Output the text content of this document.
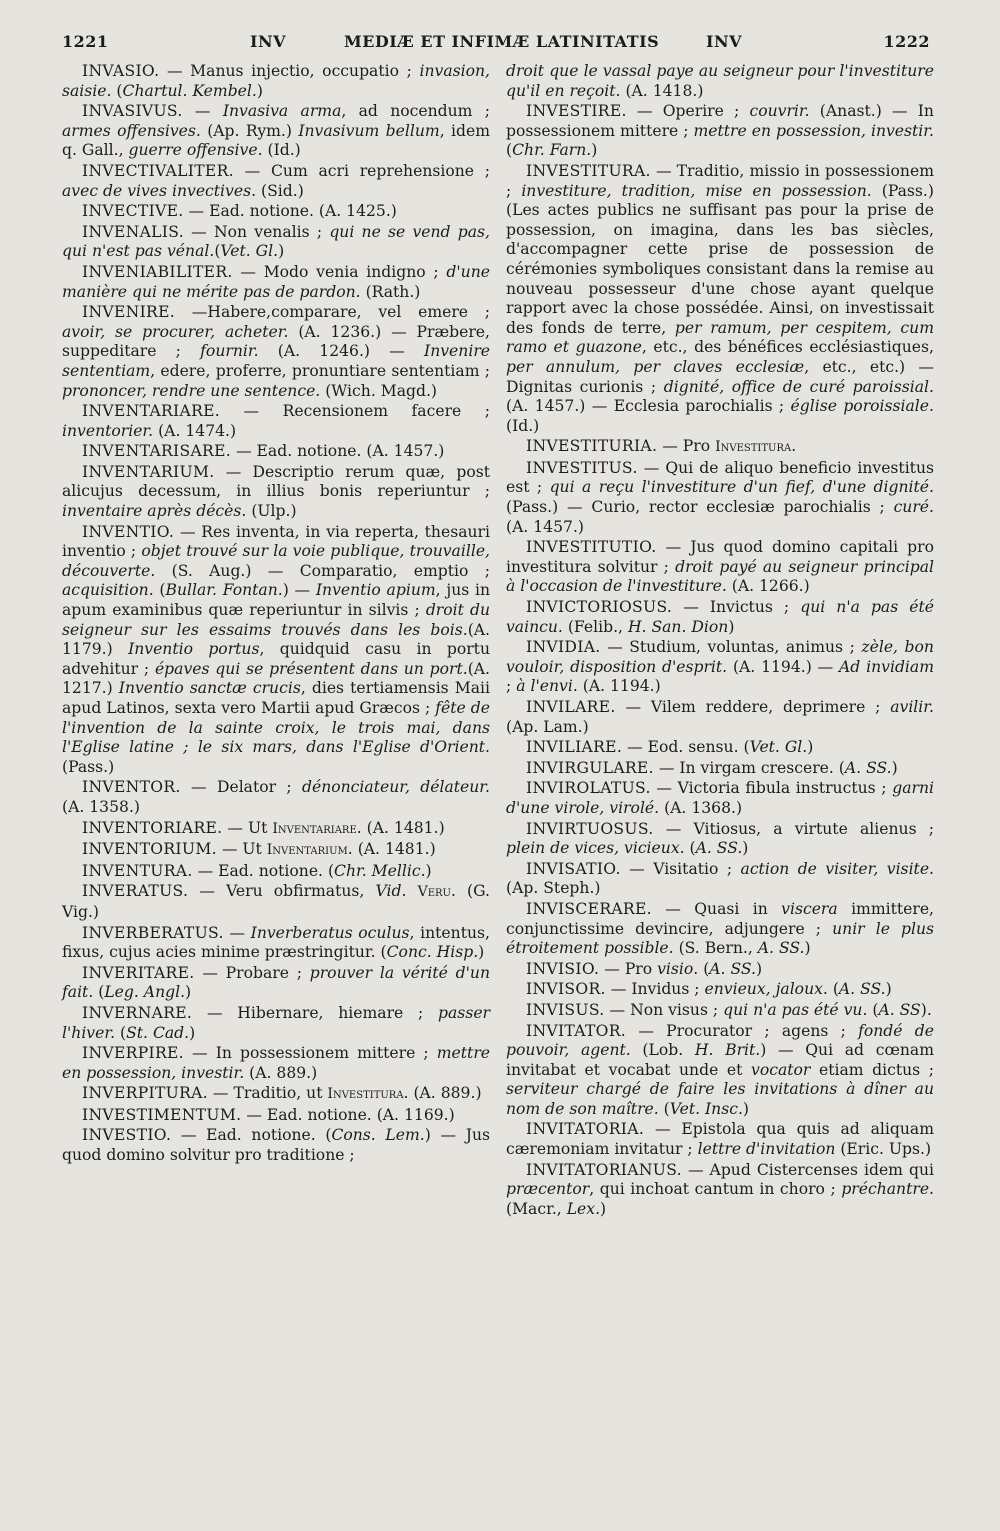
1221	INV	MEDIÆ ET INFIMÆ LATINITATIS	INV	1222

INVASIO. — Manus injectio, occupatio ; invasion, saisie. (Chartul. Kembel.)

INVASIVUS. — Invasiva arma, ad nocendum ; armes offensives. (Ap. Rym.) Invasivum bellum, idem q. Gall., guerre offensive. (Id.)

INVECTIVALITER. — Cum acri reprehensione ; avec de vives invectives. (Sid.)

INVECTIVE. — Ead. notione. (A. 1425.)

INVENALIS. — Non venalis ; qui ne se vend pas, qui n'est pas vénal.(Vet. Gl.)

INVENIABILITER. — Modo venia indigno ; d'une manière qui ne mérite pas de pardon. (Rath.)

INVENIRE. —Habere,comparare, vel emere ; avoir, se procurer, acheter. (A. 1236.) — Præbere, suppeditare ; fournir. (A. 1246.) — Invenire sententiam, edere, proferre, pronuntiare sententiam ; prononcer, rendre une sentence. (Wich. Magd.)

INVENTARIARE. — Recensionem facere ; inventorier. (A. 1474.)

INVENTARISARE. — Ead. notione. (A. 1457.)

INVENTARIUM. — Descriptio rerum quæ, post alicujus decessum, in illius bonis reperiuntur ; inventaire après décès. (Ulp.)

INVENTIO. — Res inventa, in via reperta, thesauri inventio ; objet trouvé sur la voie publique, trouvaille, découverte. (S. Aug.) — Comparatio, emptio ; acquisition. (Bullar. Fontan.) — Inventio apium, jus in apum examinibus quæ reperiuntur in silvis ; droit du seigneur sur les essaims trouvés dans les bois.(A. 1179.) Inventio portus, quidquid casu in portu advehitur ; épaves qui se présentent dans un port.(A. 1217.) Inventio sanctæ crucis, dies tertiamensis Maii apud Latinos, sexta vero Martii apud Græcos ; fête de l'invention de la sainte croix, le trois mai, dans l'Eglise latine ; le six mars, dans l'Eglise d'Orient. (Pass.)

INVENTOR. — Delator ; dénonciateur, délateur. (A. 1358.)

INVENTORIARE. — Ut Inventariare. (A. 1481.)

INVENTORIUM. — Ut Inventarium. (A. 1481.)

INVENTURA. — Ead. notione. (Chr. Mellic.)

INVERATUS. — Veru obfirmatus, Vid. Veru. (G. Vig.)

INVERBERATUS. — Inverberatus oculus, intentus, fixus, cujus acies minime præstringitur. (Conc. Hisp.)

INVERITARE. — Probare ; prouver la vérité d'un fait. (Leg. Angl.)

INVERNARE. — Hibernare, hiemare ; passer l'hiver. (St. Cad.)

INVERPIRE. — In possessionem mittere ; mettre en possession, investir. (A. 889.)

INVERPITURA. — Traditio, ut Investitura. (A. 889.)

INVESTIMENTUM. — Ead. notione. (A. 1169.)

INVESTIO. — Ead. notione. (Cons. Lem.) — Jus quod domino solvitur pro traditione ;

droit que le vassal paye au seigneur pour l'investiture qu'il en reçoit. (A. 1418.)

INVESTIRE. — Operire ; couvrir. (Anast.) — In possessionem mittere ; mettre en possession, investir. (Chr. Farn.)

INVESTITURA. — Traditio, missio in possessionem ; investiture, tradition, mise en possession. (Pass.) (Les actes publics ne suffisant pas pour la prise de possession, on imagina, dans les bas siècles, d'accompagner cette prise de possession de cérémonies symboliques consistant dans la remise au nouveau possesseur d'une chose ayant quelque rapport avec la chose possédée. Ainsi, on investissait des fonds de terre, per ramum, per cespitem, cum ramo et guazone, etc., des bénéfices ecclésiastiques, per annulum, per claves ecclesiæ, etc., etc.) — Dignitas curionis ; dignité, office de curé paroissial. (A. 1457.) — Ecclesia parochialis ; église poroissiale. (Id.)

INVESTITURIA. — Pro Investitura.

INVESTITUS. — Qui de aliquo beneficio investitus est ; qui a reçu l'investiture d'un fief, d'une dignité. (Pass.) — Curio, rector ecclesiæ parochialis ; curé. (A. 1457.)

INVESTITUTIO. — Jus quod domino capitali pro investitura solvitur ; droit payé au seigneur principal à l'occasion de l'investiture. (A. 1266.)

INVICTORIOSUS. — Invictus ; qui n'a pas été vaincu. (Felib., H. San. Dion)

INVIDIA. — Studium, voluntas, animus ; zèle, bon vouloir, disposition d'esprit. (A. 1194.) — Ad invidiam ; à l'envi. (A. 1194.)

INVILARE. — Vilem reddere, deprimere ; avilir. (Ap. Lam.)

INVILIARE. — Eod. sensu. (Vet. Gl.)

INVIRGULARE. — In virgam crescere. (A. SS.)

INVIROLATUS. — Victoria fibula instructus ; garni d'une virole, virolé. (A. 1368.)

INVIRTUOSUS. — Vitiosus, a virtute alienus ; plein de vices, vicieux. (A. SS.)

INVISATIO. — Visitatio ; action de visiter, visite. (Ap. Steph.)

INVISCERARE. — Quasi in viscera immittere, conjunctissime devincire, adjungere ; unir le plus étroitement possible. (S. Bern., A. SS.)

INVISIO. — Pro visio. (A. SS.)

INVISOR. — Invidus ; envieux, jaloux. (A. SS.)

INVISUS. — Non visus ; qui n'a pas été vu. (A. SS).

INVITATOR. — Procurator ; agens ; fondé de pouvoir, agent. (Lob. H. Brit.) — Qui ad cœnam invitabat et vocabat unde et vocator etiam dictus ; serviteur chargé de faire les invitations à dîner au nom de son maître. (Vet. Insc.)

INVITATORIA. — Epistola qua quis ad aliquam cæremoniam invitatur ; lettre d'invitation (Eric. Ups.)

INVITATORIANUS. — Apud Cistercenses idem qui præcentor, qui inchoat cantum in choro ; préchantre. (Macr., Lex.)
